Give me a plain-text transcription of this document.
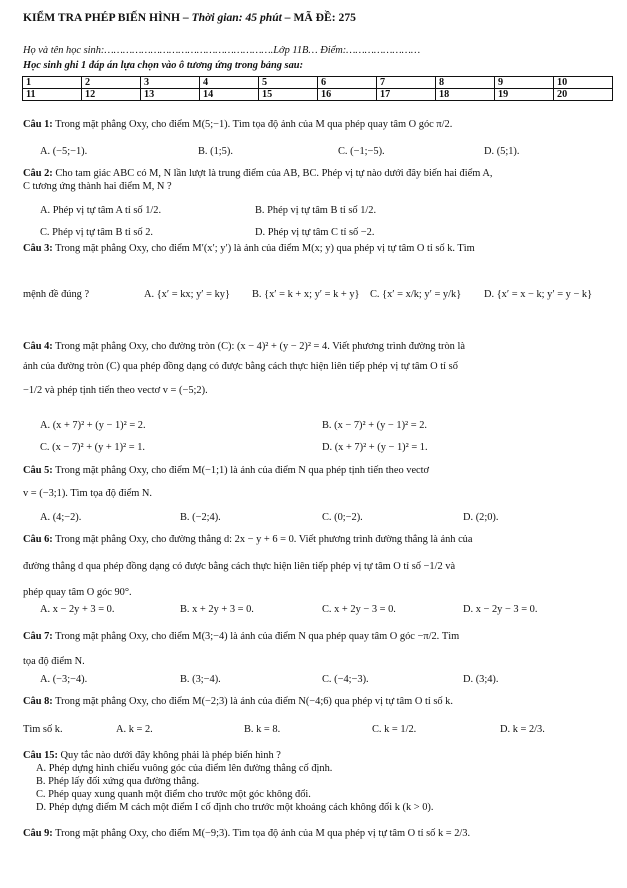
KIỂM TRA PHÉP BIẾN HÌNH – Thời gian: 45 phút – MÃ ĐỀ: 275
Họ và tên học sinh:……………………………………………….Lớp 11B… Điểm:……………………
Học sinh ghi 1 đáp án lựa chọn vào ô tương ứng trong bảng sau:
1	2	3	4	5	6	7	8	9	10
11	12	13	14	15	16	17	18	19	20
Câu 1: Trong mặt phẳng Oxy, cho điểm M(5;−1). Tìm tọa độ ảnh của M qua phép quay tâm O góc π/2.
A. (−5;−1).	B. (1;5).	C. (−1;−5).	D. (5;1).
Câu 2: Cho tam giác ABC có M, N lần lượt là trung điểm của AB, BC. Phép vị tự nào dưới đây biến hai điểm A,
C tương ứng thành hai điểm M, N ?
A. Phép vị tự tâm A tỉ số 1/2.	B. Phép vị tự tâm B tỉ số 1/2.
C. Phép vị tự tâm B tỉ số 2.	D. Phép vị tự tâm C tỉ số −2.
Câu 3: Trong mặt phẳng Oxy, cho điểm M′(x′; y′) là ảnh của điểm M(x; y) qua phép vị tự tâm O tỉ số k. Tìm
mệnh đề đúng ?	A. {x′ = kx; y′ = ky} B. {x′ = k + x; y′ = k + y} C. {x′ = x/k; y′ = y/k} D. {x′ = x − k; y′ = y − k}
Câu 4: Trong mặt phẳng Oxy, cho đường tròn (C): (x − 4)² + (y − 2)² = 4. Viết phương trình đường tròn là
ảnh của đường tròn (C) qua phép đồng dạng có được bằng cách thực hiện liên tiếp phép vị tự tâm O tỉ số
−1/2 và phép tịnh tiến theo vectơ v = (−5;2).
A. (x + 7)² + (y − 1)² = 2.	B. (x − 7)² + (y − 1)² = 2.
C. (x − 7)² + (y + 1)² = 1.	D. (x + 7)² + (y − 1)² = 1.
Câu 5: Trong mặt phẳng Oxy, cho điểm M(−1;1) là ảnh của điểm N qua phép tịnh tiến theo vectơ
v = (−3;1). Tìm tọa độ điểm N.
A. (4;−2).	B. (−2;4).	C. (0;−2).	D. (2;0).
Câu 6: Trong mặt phẳng Oxy, cho đường thẳng d: 2x − y + 6 = 0. Viết phương trình đường thẳng là ảnh của
đường thẳng d qua phép đồng dạng có được bằng cách thực hiện liên tiếp phép vị tự tâm O tỉ số −1/2 và
phép quay tâm O góc 90°.
A. x − 2y + 3 = 0.	B. x + 2y + 3 = 0.	C. x + 2y − 3 = 0.	D. x − 2y − 3 = 0.
Câu 7: Trong mặt phẳng Oxy, cho điểm M(3;−4) là ảnh của điểm N qua phép quay tâm O góc −π/2. Tìm
tọa độ điểm N.
A. (−3;−4).	B. (3;−4).	C. (−4;−3).	D. (3;4).
Câu 8: Trong mặt phẳng Oxy, cho điểm M(−2;3) là ảnh của điểm N(−4;6) qua phép vị tự tâm O tỉ số k.
Tìm số k.	A. k = 2.	B. k = 8.	C. k = 1/2.	D. k = 2/3.
Câu 15: Quy tắc nào dưới đây không phải là phép biến hình ?
A. Phép dựng hình chiếu vuông góc của điểm lên đường thẳng cố định.
B. Phép lấy đối xứng qua đường thẳng.
C. Phép quay xung quanh một điểm cho trước một góc không đổi.
D. Phép dựng điểm M cách một điểm I cố định cho trước một khoảng cách không đổi k (k > 0).
Câu 9: Trong mặt phẳng Oxy, cho điểm M(−9;3). Tìm tọa độ ảnh của M qua phép vị tự tâm O tỉ số k = 2/3.
